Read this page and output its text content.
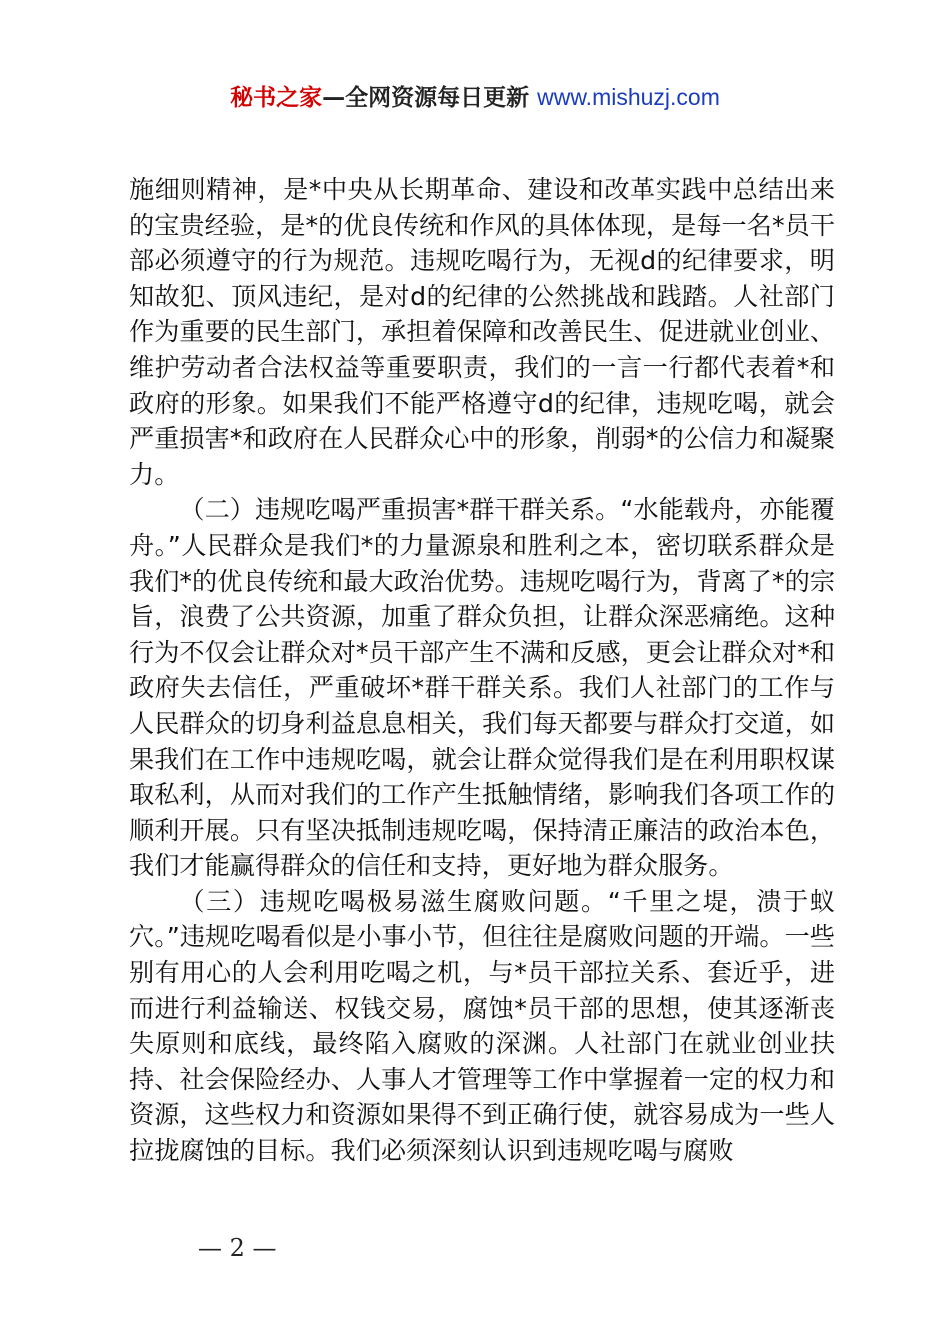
秘书之家—全网资源每日更新 www.mishuzj.com

施细则精神，是*中央从长期革命、建设和改革实践中总结出来的宝贵经验，是*的优良传统和作风的具体体现，是每一名*员干部必须遵守的行为规范。违规吃喝行为，无视d的纪律要求，明知故犯、顶风违纪，是对d的纪律的公然挑战和践踏。人社部门作为重要的民生部门，承担着保障和改善民生、促进就业创业、维护劳动者合法权益等重要职责，我们的一言一行都代表着*和政府的形象。如果我们不能严格遵守d的纪律，违规吃喝，就会严重损害*和政府在人民群众心中的形象，削弱*的公信力和凝聚力。

（二）违规吃喝严重损害*群干群关系。“水能载舟，亦能覆舟。”人民群众是我们*的力量源泉和胜利之本，密切联系群众是我们*的优良传统和最大政治优势。违规吃喝行为，背离了*的宗旨，浪费了公共资源，加重了群众负担，让群众深恶痛绝。这种行为不仅会让群众对*员干部产生不满和反感，更会让群众对*和政府失去信任，严重破坏*群干群关系。我们人社部门的工作与人民群众的切身利益息息相关，我们每天都要与群众打交道，如果我们在工作中违规吃喝，就会让群众觉得我们是在利用职权谋取私利，从而对我们的工作产生抵触情绪，影响我们各项工作的顺利开展。只有坚决抵制违规吃喝，保持清正廉洁的政治本色，我们才能赢得群众的信任和支持，更好地为群众服务。

（三）违规吃喝极易滋生腐败问题。“千里之堤，溃于蚁穴。”违规吃喝看似是小事小节，但往往是腐败问题的开端。一些别有用心的人会利用吃喝之机，与*员干部拉关系、套近乎，进而进行利益输送、权钱交易，腐蚀*员干部的思想，使其逐渐丧失原则和底线，最终陷入腐败的深渊。人社部门在就业创业扶持、社会保险经办、人事人才管理等工作中掌握着一定的权力和资源，这些权力和资源如果得不到正确行使，就容易成为一些人拉拢腐蚀的目标。我们必须深刻认识到违规吃喝与腐败

— 2 —
